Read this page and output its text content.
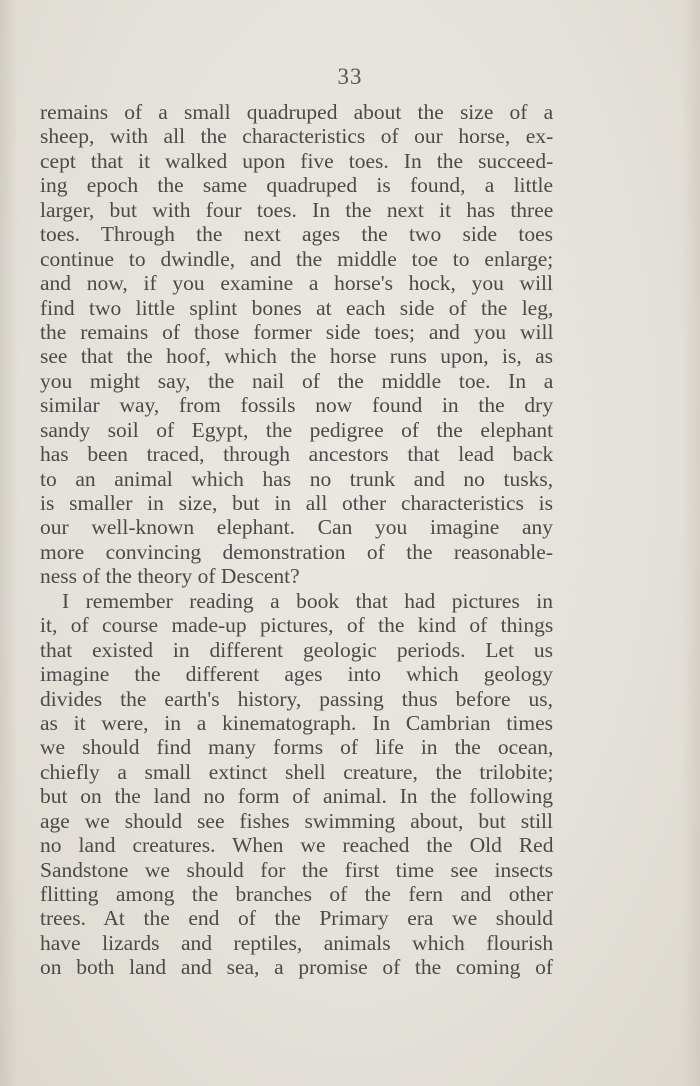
33
remains of a small quadruped about the size of a
sheep, with all the characteristics of our horse, ex-
cept that it walked upon five toes. In the succeed-
ing epoch the same quadruped is found, a little
larger, but with four toes. In the next it has three
toes. Through the next ages the two side toes
continue to dwindle, and the middle toe to enlarge;
and now, if you examine a horse's hock, you will
find two little splint bones at each side of the leg,
the remains of those former side toes; and you will
see that the hoof, which the horse runs upon, is, as
you might say, the nail of the middle toe. In a
similar way, from fossils now found in the dry
sandy soil of Egypt, the pedigree of the elephant
has been traced, through ancestors that lead back
to an animal which has no trunk and no tusks,
is smaller in size, but in all other characteristics is
our well-known elephant. Can you imagine any
more convincing demonstration of the reasonable-
ness of the theory of Descent?
I remember reading a book that had pictures in
it, of course made-up pictures, of the kind of things
that existed in different geologic periods. Let us
imagine the different ages into which geology
divides the earth's history, passing thus before us,
as it were, in a kinematograph. In Cambrian times
we should find many forms of life in the ocean,
chiefly a small extinct shell creature, the trilobite;
but on the land no form of animal. In the following
age we should see fishes swimming about, but still
no land creatures. When we reached the Old Red
Sandstone we should for the first time see insects
flitting among the branches of the fern and other
trees. At the end of the Primary era we should
have lizards and reptiles, animals which flourish
on both land and sea, a promise of the coming of
